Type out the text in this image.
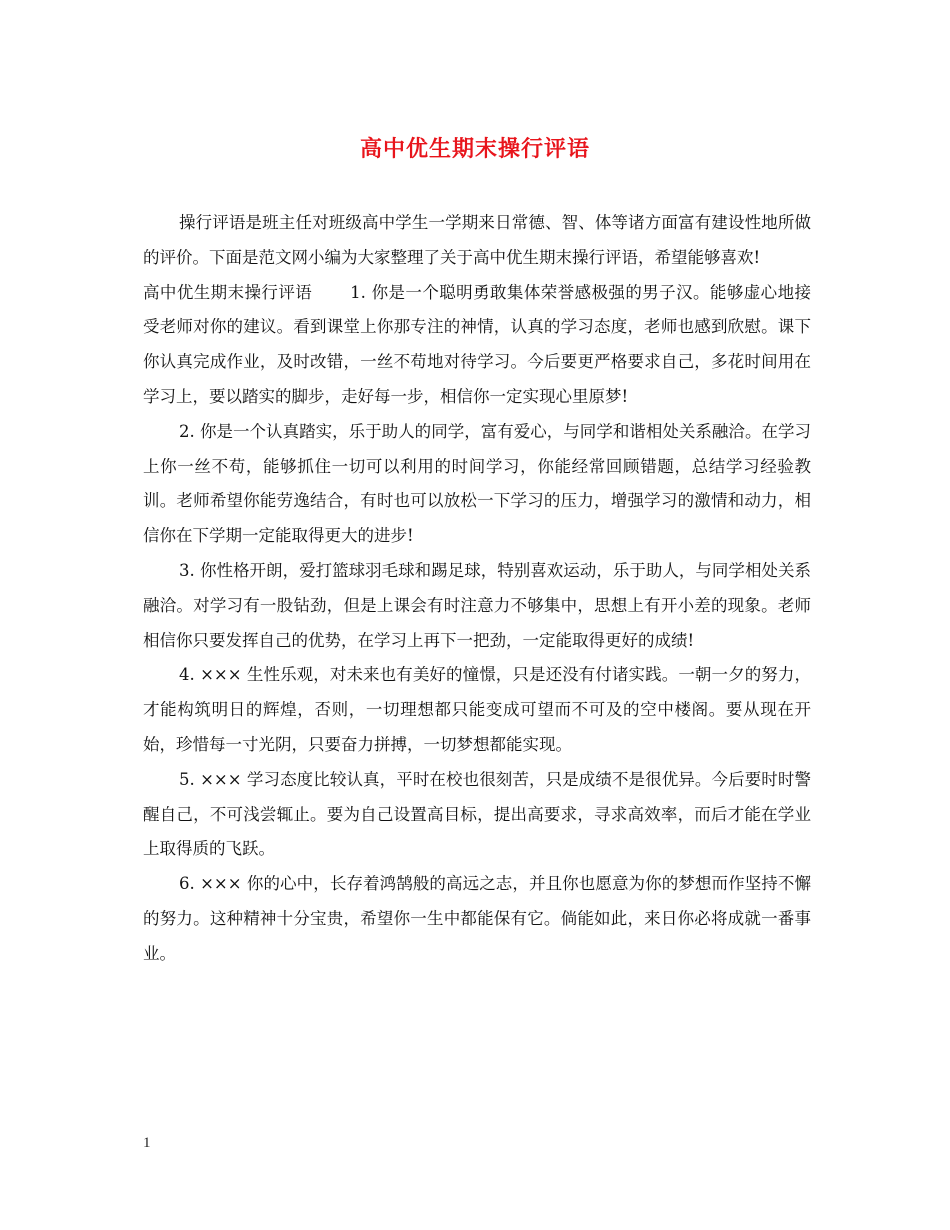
高中优生期末操行评语

操行评语是班主任对班级高中学生一学期来日常德、智、体等诸方面富有建设性地所做的评价。下面是范文网小编为大家整理了关于高中优生期末操行评语，希望能够喜欢!

高中优生期末操行评语 1. 你是一个聪明勇敢集体荣誉感极强的男子汉。能够虚心地接受老师对你的建议。看到课堂上你那专注的神情，认真的学习态度，老师也感到欣慰。课下你认真完成作业，及时改错，一丝不苟地对待学习。今后要更严格要求自己，多花时间用在学习上，要以踏实的脚步，走好每一步，相信你一定实现心里原梦!

2. 你是一个认真踏实，乐于助人的同学，富有爱心，与同学和谐相处关系融洽。在学习上你一丝不苟，能够抓住一切可以利用的时间学习，你能经常回顾错题，总结学习经验教训。老师希望你能劳逸结合，有时也可以放松一下学习的压力，增强学习的激情和动力，相信你在下学期一定能取得更大的进步!

3. 你性格开朗，爱打篮球羽毛球和踢足球，特别喜欢运动，乐于助人，与同学相处关系融洽。对学习有一股钻劲，但是上课会有时注意力不够集中，思想上有开小差的现象。老师相信你只要发挥自己的优势，在学习上再下一把劲，一定能取得更好的成绩!

4. ××× 生性乐观，对未来也有美好的憧憬，只是还没有付诸实践。一朝一夕的努力，才能构筑明日的辉煌，否则，一切理想都只能变成可望而不可及的空中楼阁。要从现在开始，珍惜每一寸光阴，只要奋力拼搏，一切梦想都能实现。

5. ××× 学习态度比较认真，平时在校也很刻苦，只是成绩不是很优异。今后要时时警醒自己，不可浅尝辄止。要为自己设置高目标，提出高要求，寻求高效率，而后才能在学业上取得质的飞跃。

6. ××× 你的心中，长存着鸿鹄般的高远之志，并且你也愿意为你的梦想而作坚持不懈的努力。这种精神十分宝贵，希望你一生中都能保有它。倘能如此，来日你必将成就一番事业。

1
